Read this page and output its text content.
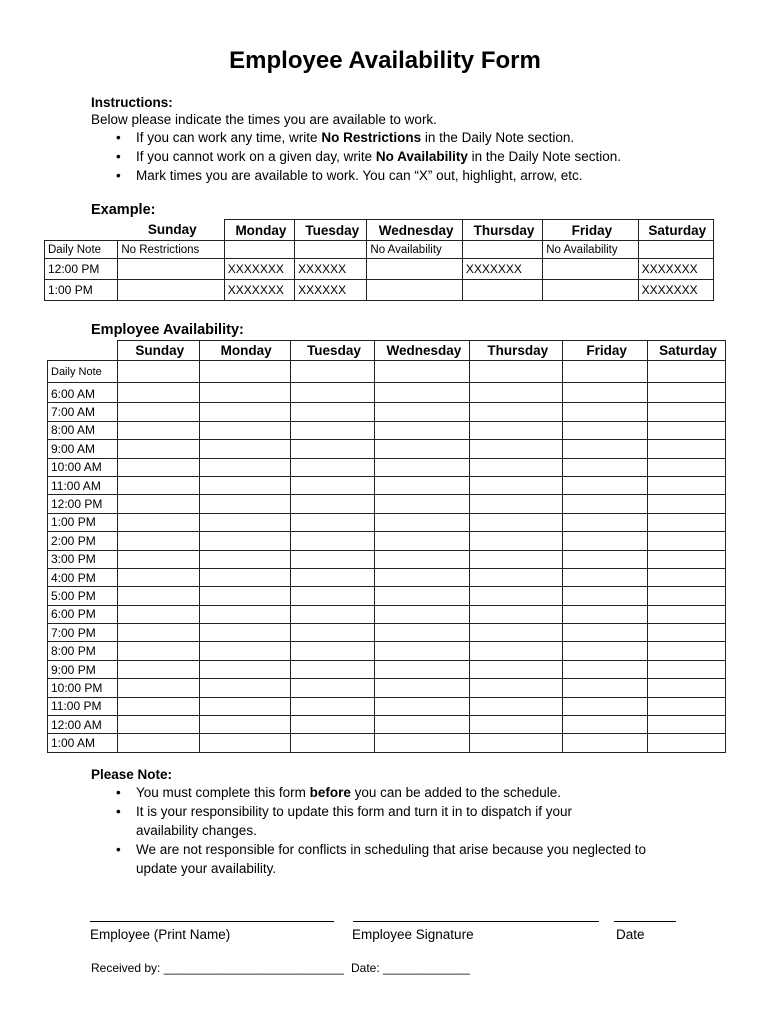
Employee Availability Form
Instructions:
Below please indicate the times you are available to work.
• If you can work any time, write No Restrictions in the Daily Note section.
• If you cannot work on a given day, write No Availability in the Daily Note section.
• Mark times you are available to work. You can “X” out, highlight, arrow, etc.
Example:
	Sunday	Monday	Tuesday	Wednesday	Thursday	Friday	Saturday
Daily Note	No Restrictions			No Availability		No Availability	
12:00 PM		XXXXXXX	XXXXXX		XXXXXXX		XXXXXXX
1:00 PM		XXXXXXX	XXXXXX				XXXXXXX
Employee Availability:
	Sunday	Monday	Tuesday	Wednesday	Thursday	Friday	Saturday
Daily Note							
6:00 AM							
7:00 AM							
8:00 AM							
9:00 AM							
10:00 AM							
11:00 AM							
12:00 PM							
1:00 PM							
2:00 PM							
3:00 PM							
4:00 PM							
5:00 PM							
6:00 PM							
7:00 PM							
8:00 PM							
9:00 PM							
10:00 PM							
11:00 PM							
12:00 AM							
1:00 AM							
Please Note:
• You must complete this form before you can be added to the schedule.
• It is your responsibility to update this form and turn it in to dispatch if your availability changes.
• We are not responsible for conflicts in scheduling that arise because you neglected to update your availability.
Employee (Print Name)	Employee Signature	Date
Received by: ___________________________ Date: _____________
